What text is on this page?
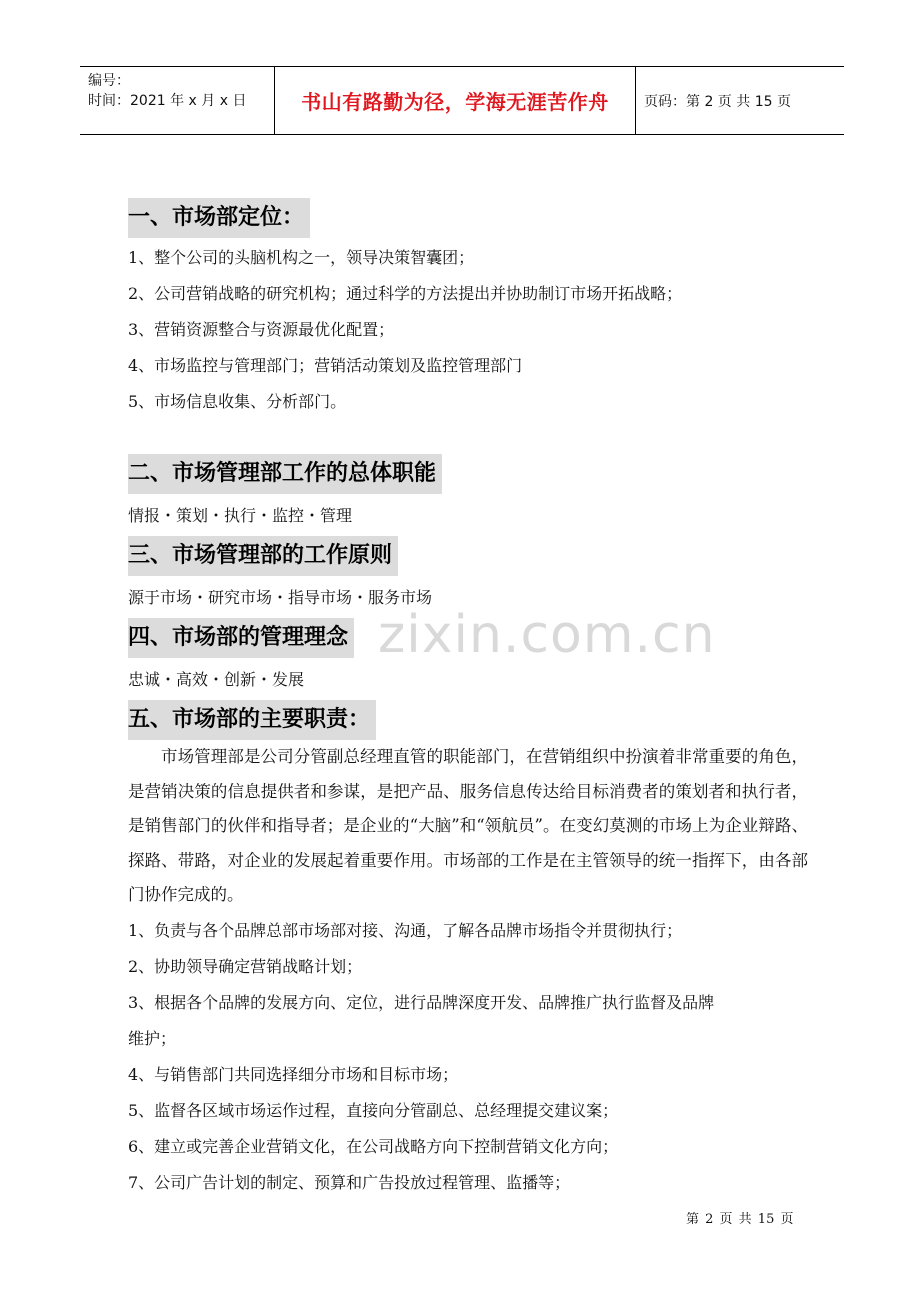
编号：
时间：2021 年 x 月 x 日	书山有路勤为径，学海无涯苦作舟	页码：第 2 页 共 15 页
zixin.com.cn
一、市场部定位：
1、整个公司的头脑机构之一，领导决策智囊团；
2、公司营销战略的研究机构；通过科学的方法提出并协助制订市场开拓战略；
3、营销资源整合与资源最优化配置；
4、市场监控与管理部门；营销活动策划及监控管理部门
5、市场信息收集、分析部门。
二、市场管理部工作的总体职能
情报・策划・执行・监控・管理
三、市场管理部的工作原则
源于市场・研究市场・指导市场・服务市场
四、市场部的管理理念
忠诚・高效・创新・发展
五、市场部的主要职责：

市场管理部是公司分管副总经理直管的职能部门，在营销组织中扮演着非常重要的角色，是营销决策的信息提供者和参谋，是把产品、服务信息传达给目标消费者的策划者和执行者，是销售部门的伙伴和指导者；是企业的“大脑”和“领航员”。在变幻莫测的市场上为企业辩路、探路、带路，对企业的发展起着重要作用。市场部的工作是在主管领导的统一指挥下，由各部门协作完成的。

1、负责与各个品牌总部市场部对接、沟通，了解各品牌市场指令并贯彻执行；
2、协助领导确定营销战略计划；
3、根据各个品牌的发展方向、定位，进行品牌深度开发、品牌推广执行监督及品牌
维护；
4、与销售部门共同选择细分市场和目标市场；
5、监督各区域市场运作过程，直接向分管副总、总经理提交建议案；
6、建立或完善企业营销文化，在公司战略方向下控制营销文化方向；
7、公司广告计划的制定、预算和广告投放过程管理、监播等；
第 2 页 共 15 页
